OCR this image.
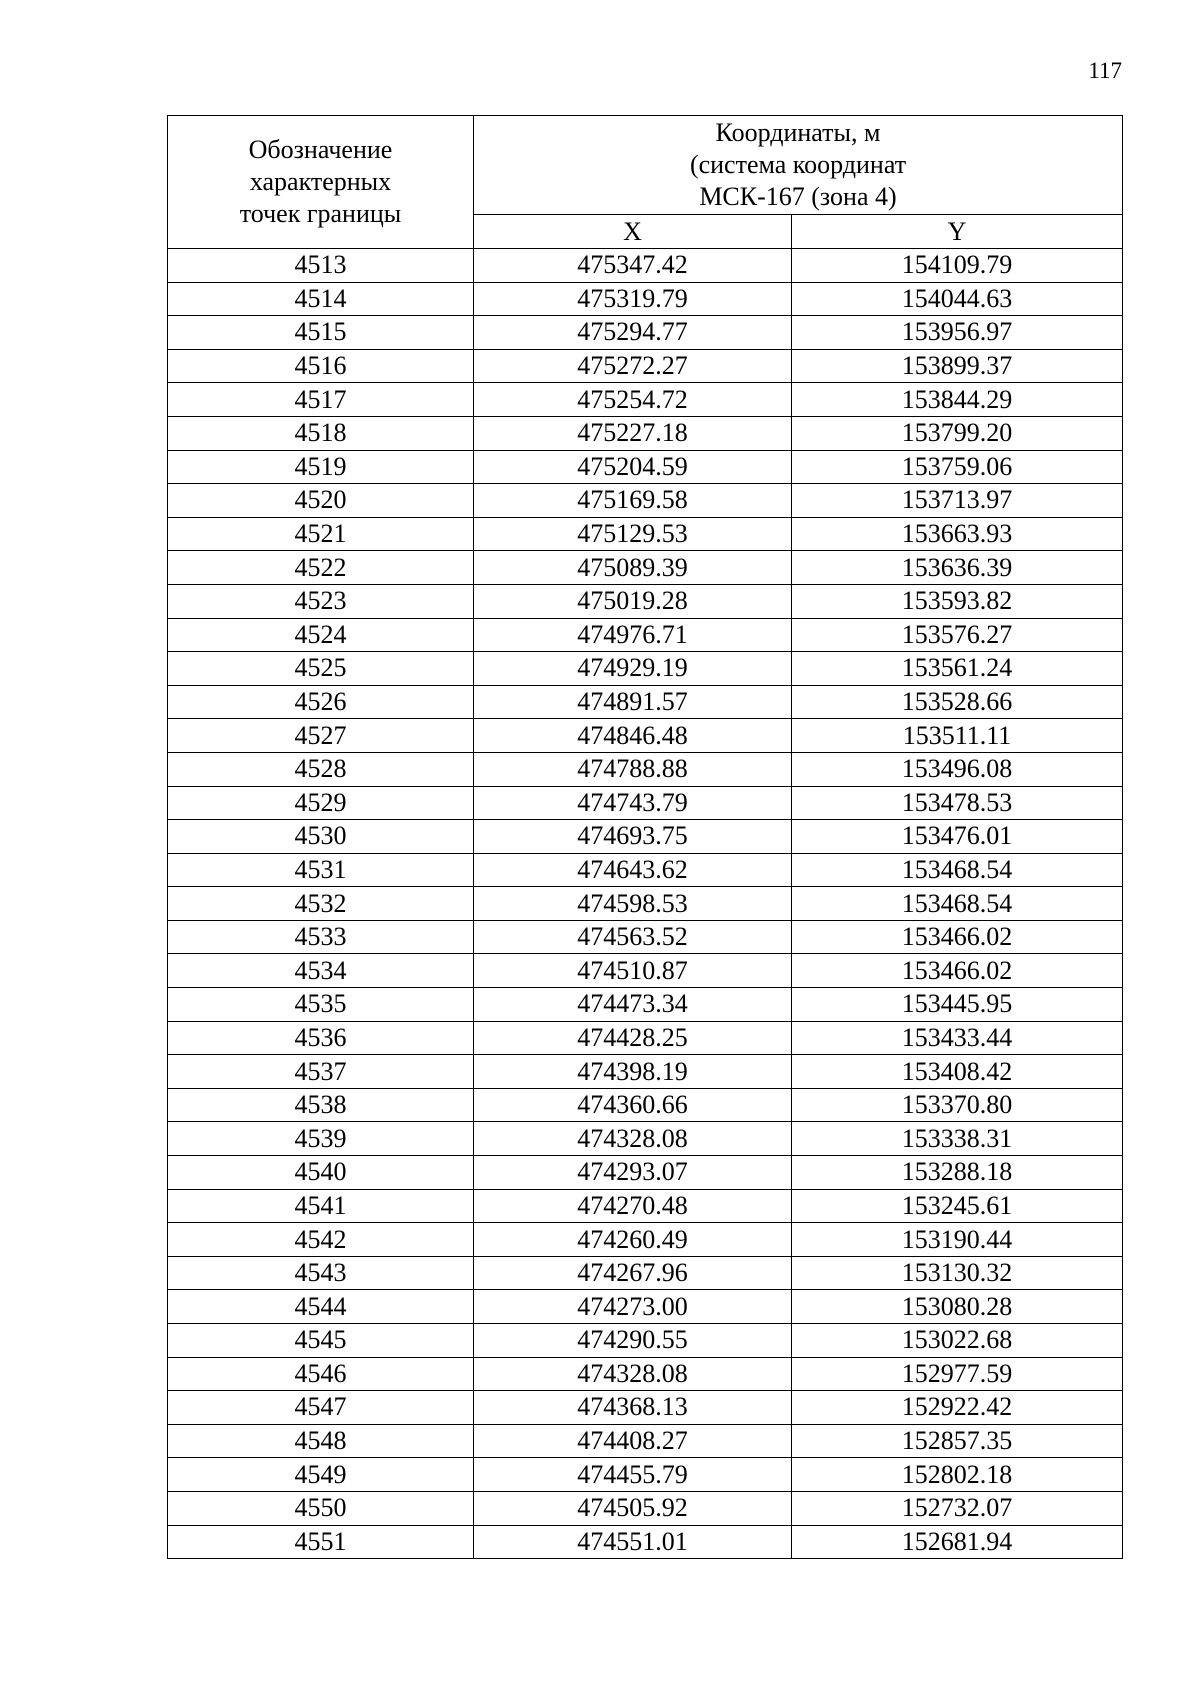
117
Обозначение
характерных
точек границы	Координаты, м
(система координат
МСК-167 (зона 4)	

	X	Y
4513	475347.42	154109.79
4514	475319.79	154044.63
4515	475294.77	153956.97
4516	475272.27	153899.37
4517	475254.72	153844.29
4518	475227.18	153799.20
4519	475204.59	153759.06
4520	475169.58	153713.97
4521	475129.53	153663.93
4522	475089.39	153636.39
4523	475019.28	153593.82
4524	474976.71	153576.27
4525	474929.19	153561.24
4526	474891.57	153528.66
4527	474846.48	153511.11
4528	474788.88	153496.08
4529	474743.79	153478.53
4530	474693.75	153476.01
4531	474643.62	153468.54
4532	474598.53	153468.54
4533	474563.52	153466.02
4534	474510.87	153466.02
4535	474473.34	153445.95
4536	474428.25	153433.44
4537	474398.19	153408.42
4538	474360.66	153370.80
4539	474328.08	153338.31
4540	474293.07	153288.18
4541	474270.48	153245.61
4542	474260.49	153190.44
4543	474267.96	153130.32
4544	474273.00	153080.28
4545	474290.55	153022.68
4546	474328.08	152977.59
4547	474368.13	152922.42
4548	474408.27	152857.35
4549	474455.79	152802.18
4550	474505.92	152732.07
4551	474551.01	152681.94
